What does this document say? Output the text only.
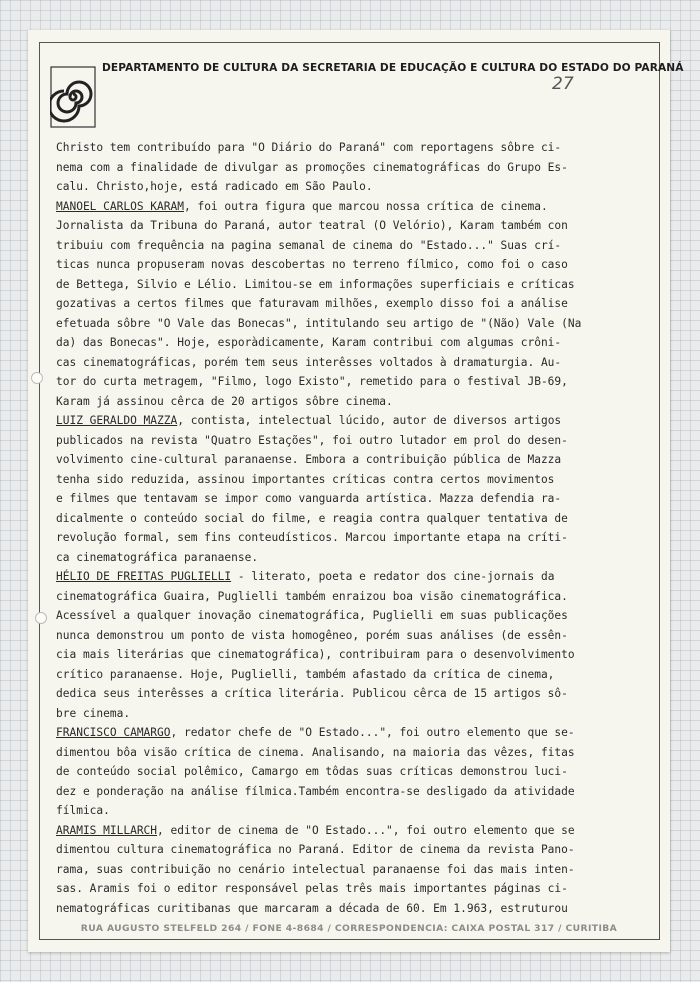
DEPARTAMENTO DE CULTURA DA SECRETARIA DE EDUCAÇÃO E CULTURA DO ESTADO DO PARANÁ
27
Christo tem contribuído para "O Diário do Paraná" com reportagens sôbre ci-
nema com a finalidade de divulgar as promoções cinematográficas do Grupo Es-
calu. Christo,hoje, está radicado em São Paulo.
MANOEL CARLOS KARAM, foi outra figura que marcou nossa crítica de cinema.
Jornalista da Tribuna do Paraná, autor teatral (O Velório), Karam também con
tribuiu com frequência na pagina semanal de cinema do "Estado..." Suas crí-
ticas nunca propuseram novas descobertas no terreno fílmico, como foi o caso
de Bettega, Silvio e Lélio. Limitou-se em informações superficiais e críticas
gozativas a certos filmes que faturavam milhões, exemplo disso foi a análise
efetuada sôbre "O Vale das Bonecas", intitulando seu artigo de "(Não) Vale (Na
da) das Bonecas". Hoje, esporàdicamente, Karam contribui com algumas crôni-
cas cinematográficas, porém tem seus interêsses voltados à dramaturgia. Au-
tor do curta metragem, "Filmo, logo Existo", remetido para o festival JB-69,
Karam já assinou cêrca de 20 artigos sôbre cinema.
LUIZ GERALDO MAZZA, contista, intelectual lúcido, autor de diversos artigos
publicados na revista "Quatro Estações", foi outro lutador em prol do desen-
volvimento cine-cultural paranaense. Embora a contribuição pública de Mazza
tenha sido reduzida, assinou importantes críticas contra certos movimentos
e filmes que tentavam se impor como vanguarda artística. Mazza defendia ra-
dicalmente o conteúdo social do filme, e reagia contra qualquer tentativa de
revolução formal, sem fins conteudísticos. Marcou importante etapa na críti-
ca cinematográfica paranaense.
HÉLIO DE FREITAS PUGLIELLI - literato, poeta e redator dos cine-jornais da
cinematográfica Guaira, Puglielli também enraizou boa visão cinematográfica.
Acessível a qualquer inovação cinematográfica, Puglielli em suas publicações
nunca demonstrou um ponto de vista homogêneo, porém suas análises (de essên-
cia mais literárias que cinematográfica), contribuiram para o desenvolvimento
crítico paranaense. Hoje, Puglielli, também afastado da crítica de cinema,
dedica seus interêsses a crítica literária. Publicou cêrca de 15 artigos sô-
bre cinema.
FRANCISCO CAMARGO, redator chefe de "O Estado...", foi outro elemento que se-
dimentou bôa visão crítica de cinema. Analisando, na maioria das vêzes, fitas
de conteúdo social polêmico, Camargo em tôdas suas críticas demonstrou luci-
dez e ponderação na análise fílmica.Também encontra-se desligado da atividade
fílmica.
ARAMIS MILLARCH, editor de cinema de "O Estado...", foi outro elemento que se
dimentou cultura cinematográfica no Paraná. Editor de cinema da revista Pano-
rama, suas contribuição no cenário intelectual paranaense foi das mais inten-
sas. Aramis foi o editor responsável pelas três mais importantes páginas ci-
nematográficas curitibanas que marcaram a década de 60. Em 1.963, estruturou
RUA AUGUSTO STELFELD 264 / FONE 4-8684 / CORRESPONDENCIA: CAIXA POSTAL 317 / CURITIBA
